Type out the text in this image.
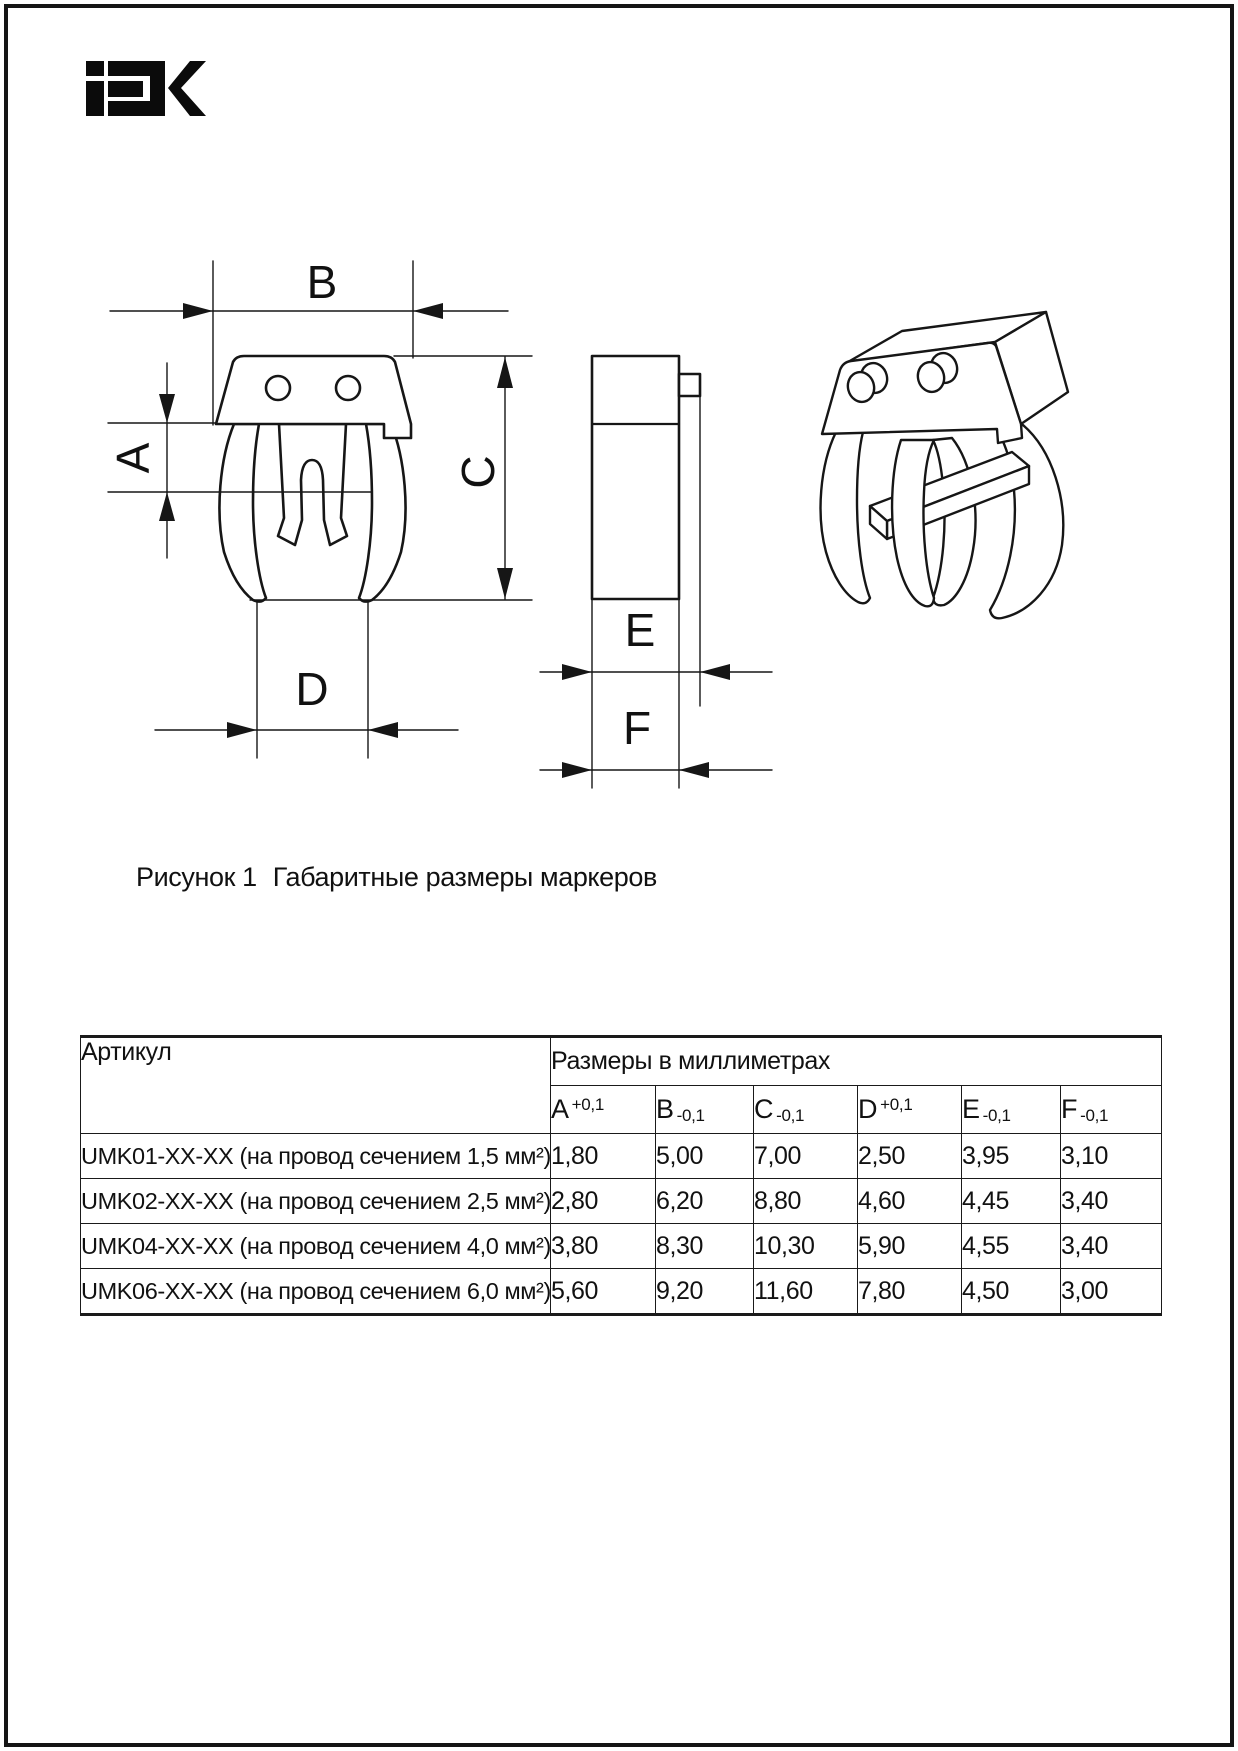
B
A	C
D
E
F
Рисунок 1 Габаритные размеры маркеров
Артикул	Размеры в миллиметрах					
	A $^{+0,1}$	B -0,1	C -0,1	D $^{+0,1}$	E -0,1	F -0,1
UMK01-XX-XX (на провод сечением 1,5 мм²)	1,80	5,00	7,00	2,50	3,95	3,10
UMK02-XX-XX (на провод сечением 2,5 мм²)	2,80	6,20	8,80	4,60	4,45	3,40
UMK04-XX-XX (на провод сечением 4,0 мм²)	3,80	8,30	10,30	5,90	4,55	3,40
UMK06-XX-XX (на провод сечением 6,0 мм²)	5,60	9,20	11,60	7,80	4,50	3,00
